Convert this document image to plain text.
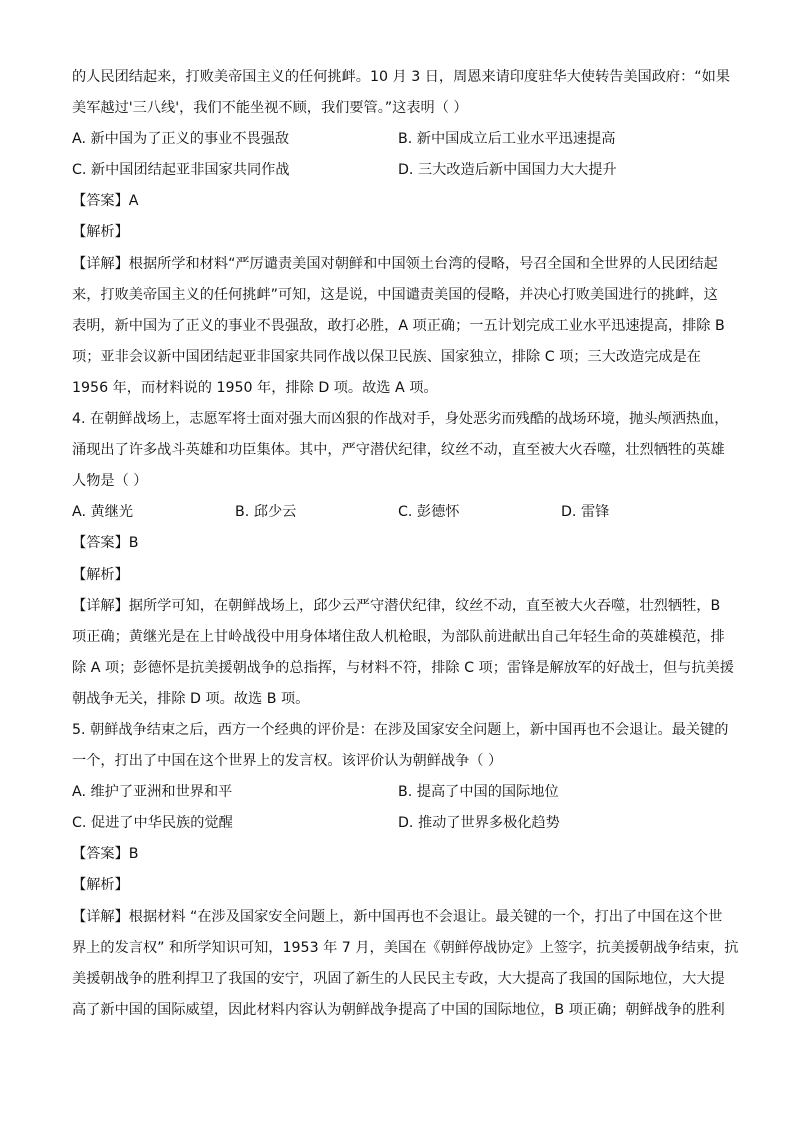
的人民团结起来，打败美帝国主义的任何挑衅。10 月 3 日，周恩来请印度驻华大使转告美国政府：“如果
美军越过'三八线'，我们不能坐视不顾，我们要管。”这表明（ ）
A. 新中国为了正义的事业不畏强敌	B. 新中国成立后工业水平迅速提高
C. 新中国团结起亚非国家共同作战	D. 三大改造后新中国国力大大提升
【答案】A
【解析】
【详解】根据所学和材料“严厉谴责美国对朝鲜和中国领土台湾的侵略，号召全国和全世界的人民团结起
来，打败美帝国主义的任何挑衅”可知，这是说，中国谴责美国的侵略，并决心打败美国进行的挑衅，这
表明，新中国为了正义的事业不畏强敌，敢打必胜，A 项正确；一五计划完成工业水平迅速提高，排除 B
项；亚非会议新中国团结起亚非国家共同作战以保卫民族、国家独立，排除 C 项；三大改造完成是在
1956 年，而材料说的 1950 年，排除 D 项。故选 A 项。
4. 在朝鲜战场上，志愿军将士面对强大而凶狠的作战对手，身处恶劣而残酷的战场环境，抛头颅洒热血，
涌现出了许多战斗英雄和功臣集体。其中，严守潜伏纪律，纹丝不动，直至被大火吞噬，壮烈牺牲的英雄
人物是（ ）
A. 黄继光	B. 邱少云	C. 彭德怀	D. 雷锋
【答案】B
【解析】
【详解】据所学可知，在朝鲜战场上，邱少云严守潜伏纪律，纹丝不动，直至被大火吞噬，壮烈牺牲，B
项正确；黄继光是在上甘岭战役中用身体堵住敌人机枪眼，为部队前进献出自己年轻生命的英雄模范，排
除 A 项；彭德怀是抗美援朝战争的总指挥，与材料不符，排除 C 项；雷锋是解放军的好战士，但与抗美援
朝战争无关，排除 D 项。故选 B 项。
5. 朝鲜战争结束之后，西方一个经典的评价是：在涉及国家安全问题上，新中国再也不会退让。最关键的
一个，打出了中国在这个世界上的发言权。该评价认为朝鲜战争（ ）
A. 维护了亚洲和世界和平	B. 提高了中国的国际地位
C. 促进了中华民族的觉醒	D. 推动了世界多极化趋势
【答案】B
【解析】
【详解】根据材料 “在涉及国家安全问题上，新中国再也不会退让。最关键的一个，打出了中国在这个世
界上的发言权” 和所学知识可知，1953 年 7 月，美国在《朝鲜停战协定》上签字，抗美援朝战争结束，抗
美援朝战争的胜利捍卫了我国的安宁，巩固了新生的人民民主专政，大大提高了我国的国际地位，大大提
高了新中国的国际威望，因此材料内容认为朝鲜战争提高了中国的国际地位，B 项正确；朝鲜战争的胜利
